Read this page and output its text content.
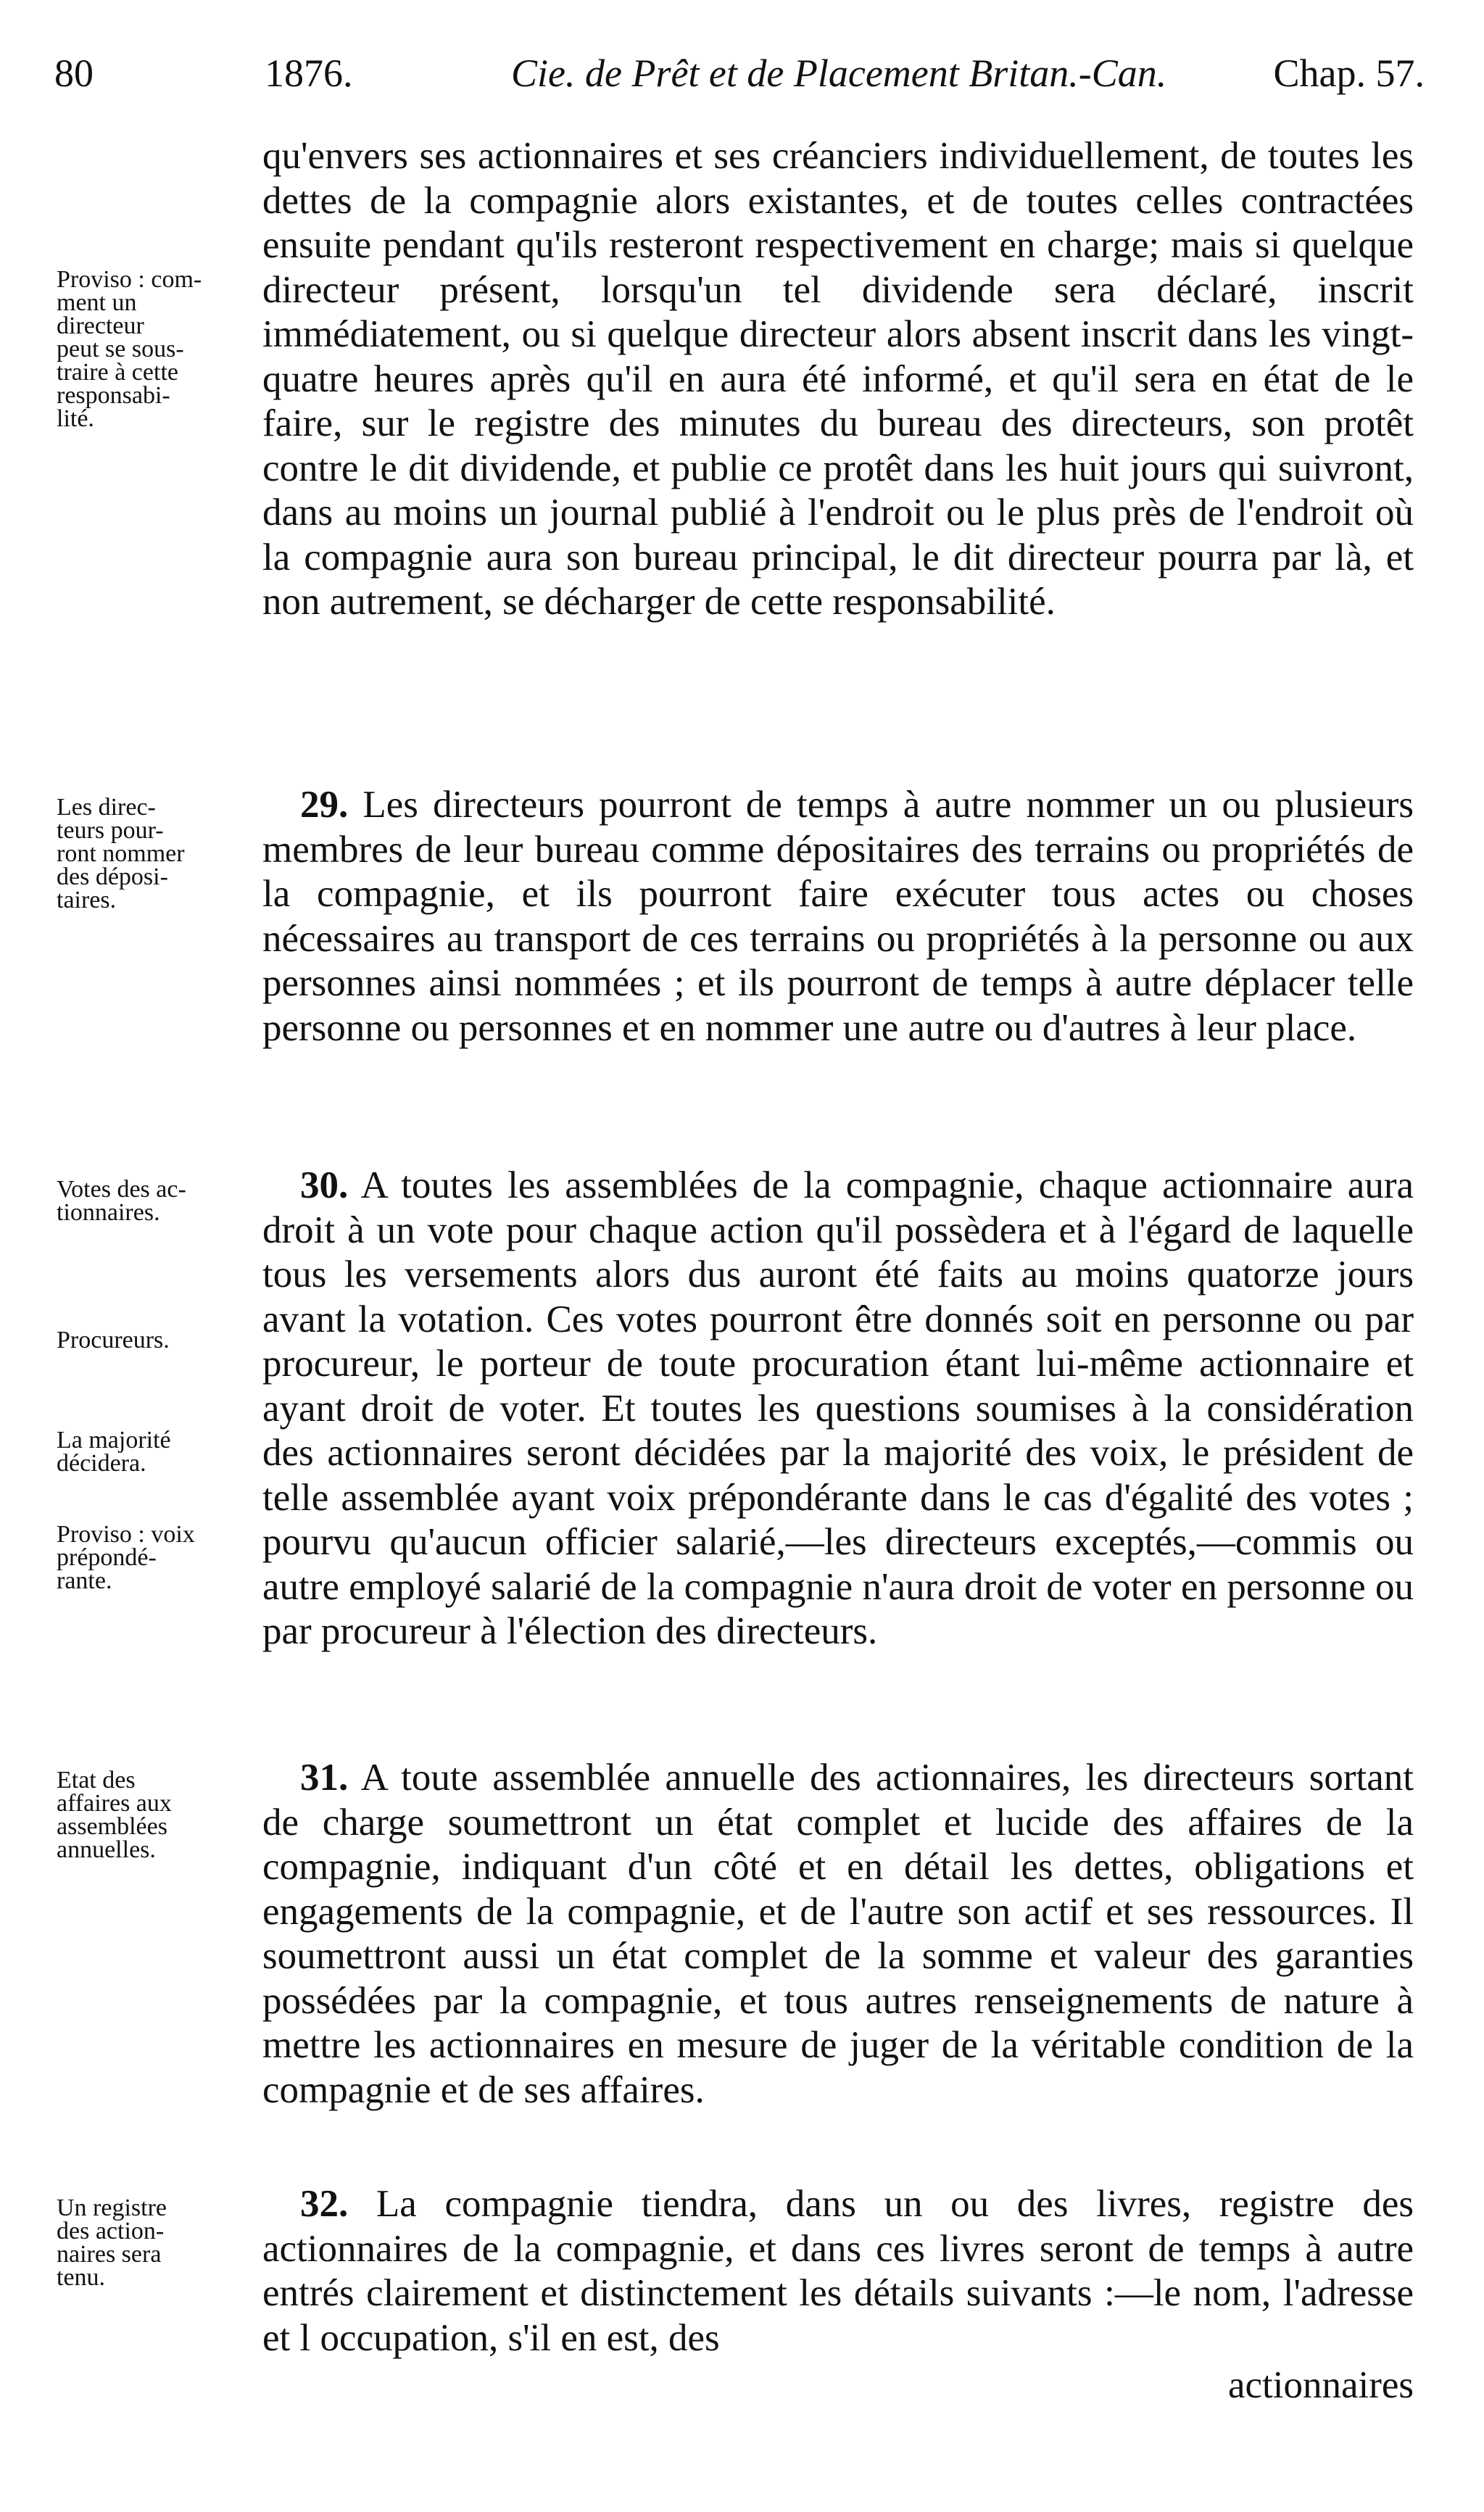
80	1876.	Cie. de Prêt et de Placement Britan.-Can.	Chap. 57.

Proviso : com-
ment un
directeur
peut se sous-
traire à cette
responsabi-
lité.

qu'envers ses actionnaires et ses créanciers individuellement, de toutes les dettes de la compagnie alors existantes, et de toutes celles contractées ensuite pendant qu'ils resteront respectivement en charge; mais si quelque directeur présent, lorsqu'un tel dividende sera déclaré, inscrit immédiatement, ou si quelque directeur alors absent inscrit dans les vingt-quatre heures après qu'il en aura été informé, et qu'il sera en état de le faire, sur le registre des minutes du bureau des directeurs, son protêt contre le dit dividende, et publie ce protêt dans les huit jours qui suivront, dans au moins un journal publié à l'endroit ou le plus près de l'endroit où la compagnie aura son bureau principal, le dit directeur pourra par là, et non autrement, se décharger de cette responsabilité.

Les direc-
teurs pour-
ront nommer
des déposi-
taires.

29. Les directeurs pourront de temps à autre nommer un ou plusieurs membres de leur bureau comme dépositaires des terrains ou propriétés de la compagnie, et ils pourront faire exécuter tous actes ou choses nécessaires au transport de ces terrains ou propriétés à la personne ou aux personnes ainsi nommées ; et ils pourront de temps à autre déplacer telle personne ou personnes et en nommer une autre ou d'autres à leur place.

Votes des ac-
tionnaires.

Procureurs.

La majorité
décidera.

Proviso : voix
prépondé-
rante.

30. A toutes les assemblées de la compagnie, chaque actionnaire aura droit à un vote pour chaque action qu'il possèdera et à l'égard de laquelle tous les versements alors dus auront été faits au moins quatorze jours avant la votation. Ces votes pourront être donnés soit en personne ou par procureur, le porteur de toute procuration étant lui-même actionnaire et ayant droit de voter. Et toutes les questions soumises à la considération des actionnaires seront décidées par la majorité des voix, le président de telle assemblée ayant voix prépondérante dans le cas d'égalité des votes ; pourvu qu'aucun officier salarié,—les directeurs exceptés,—commis ou autre employé salarié de la compagnie n'aura droit de voter en personne ou par procureur à l'élection des directeurs.

Etat des
affaires aux
assemblées
annuelles.

31. A toute assemblée annuelle des actionnaires, les directeurs sortant de charge soumettront un état complet et lucide des affaires de la compagnie, indiquant d'un côté et en détail les dettes, obligations et engagements de la compagnie, et de l'autre son actif et ses ressources. Il soumettront aussi un état complet de la somme et valeur des garanties possédées par la compagnie, et tous autres renseignements de nature à mettre les actionnaires en mesure de juger de la véritable condition de la compagnie et de ses affaires.

Un registre
des action-
naires sera
tenu.

32. La compagnie tiendra, dans un ou des livres, registre des actionnaires de la compagnie, et dans ces livres seront de temps à autre entrés clairement et distinctement les détails suivants :—le nom, l'adresse et l occupation, s'il en est, des

actionnaires
